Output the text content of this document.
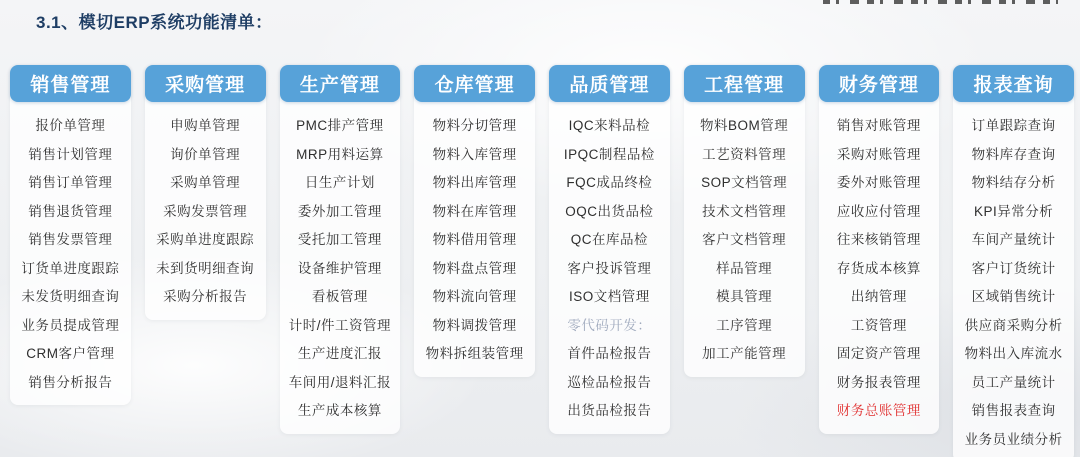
3.1、模切ERP系统功能清单：
销售管理
报价单管理
销售计划管理
销售订单管理
销售退货管理
销售发票管理
订货单进度跟踪
未发货明细查询
业务员提成管理
CRM客户管理
销售分析报告
采购管理
申购单管理
询价单管理
采购单管理
采购发票管理
采购单进度跟踪
未到货明细查询
采购分析报告
生产管理
PMC排产管理
MRP用料运算
日生产计划
委外加工管理
受托加工管理
设备维护管理
看板管理
计时/件工资管理
生产进度汇报
车间用/退料汇报
生产成本核算
仓库管理
物料分切管理
物料入库管理
物料出库管理
物料在库管理
物料借用管理
物料盘点管理
物料流向管理
物料调拨管理
物料拆组装管理
品质管理
IQC来料品检
IPQC制程品检
FQC成品终检
OQC出货品检
QC在库品检
客户投诉管理
ISO文档管理
零代码开发：
首件品检报告
巡检品检报告
出货品检报告
工程管理
物料BOM管理
工艺资料管理
SOP文档管理
技术文档管理
客户文档管理
样品管理
模具管理
工序管理
加工产能管理
财务管理
销售对账管理
采购对账管理
委外对账管理
应收应付管理
往来核销管理
存货成本核算
出纳管理
工资管理
固定资产管理
财务报表管理
财务总账管理
报表查询
订单跟踪查询
物料库存查询
物料结存分析
KPI异常分析
车间产量统计
客户订货统计
区域销售统计
供应商采购分析
物料出入库流水
员工产量统计
销售报表查询
业务员业绩分析
